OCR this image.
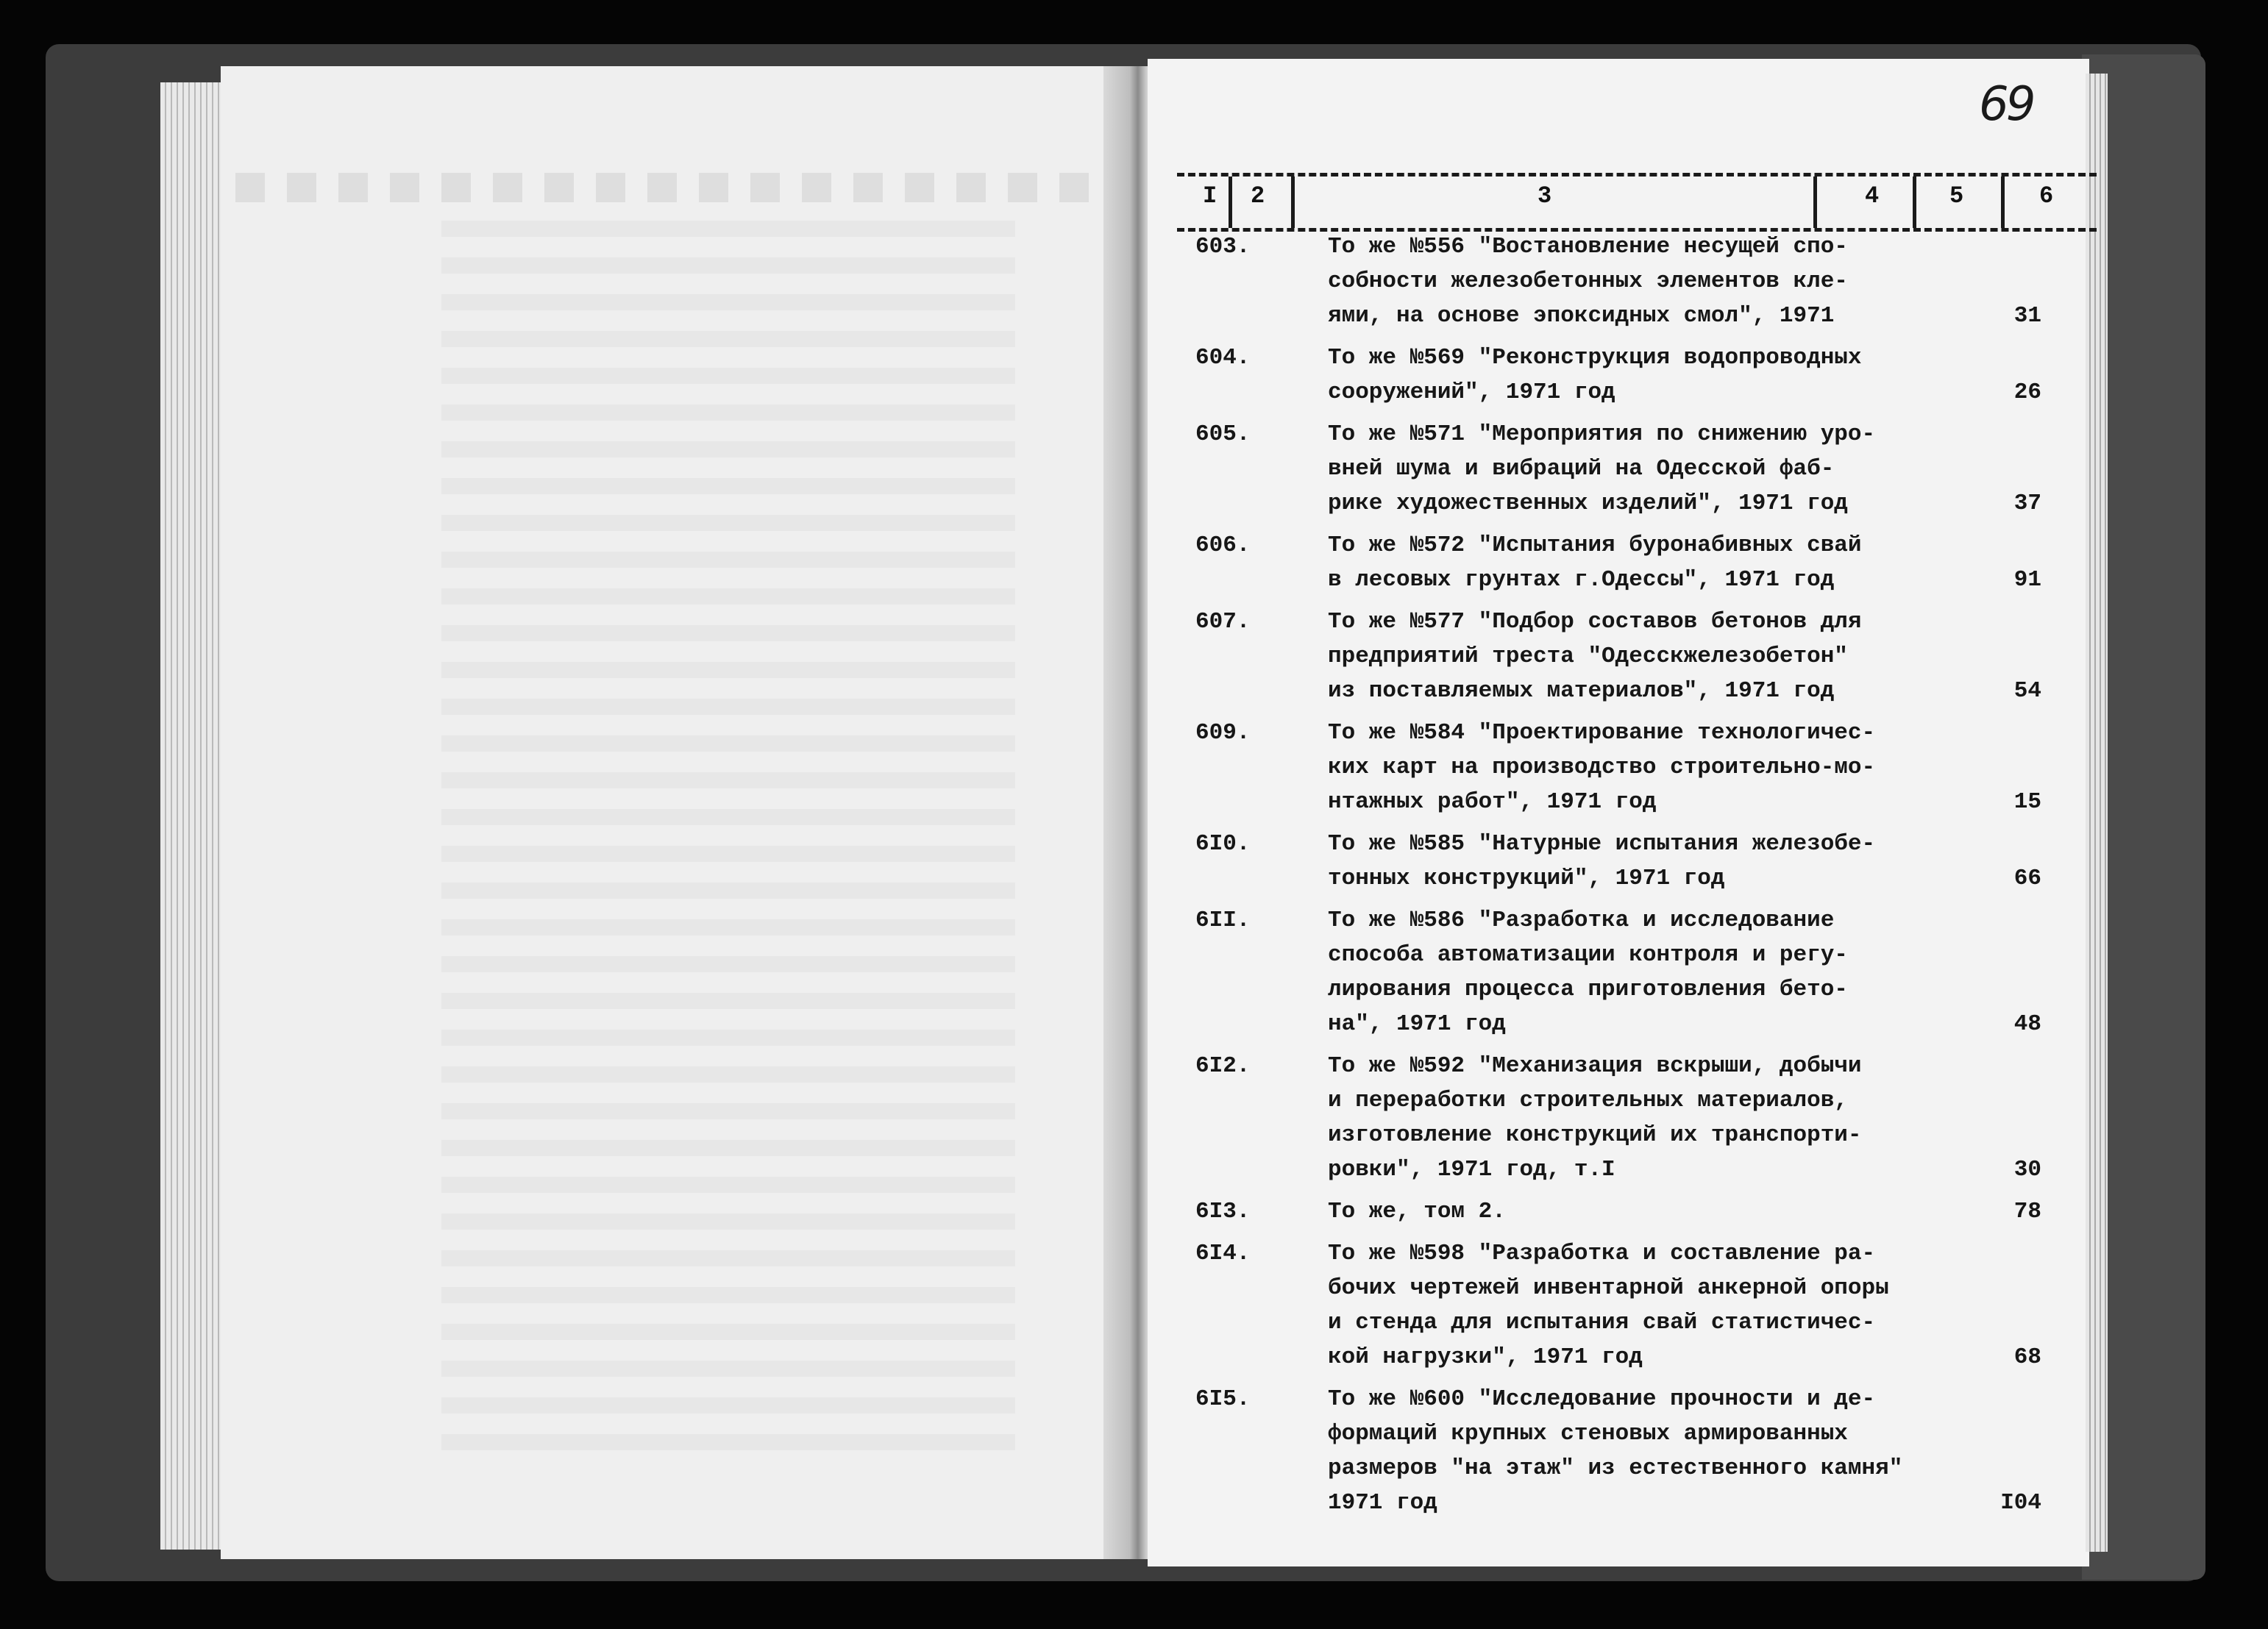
69
I 2	3	4	5	6
603.	То же №556 "Востановление несущей спо-
собности железобетонных элементов кле-
ями, на основе эпоксидных смол", 1971	31
604.	То же №569 "Реконструкция водопроводных
сооружений", 1971 год	26
605.	То же №571 "Мероприятия по снижению уро-
вней шума и вибраций на Одесской фаб-
рике художественных изделий", 1971 год	37
606.	То же №572 "Испытания буронабивных свай
в лесовых грунтах г.Одессы", 1971 год	91
607.	То же №577 "Подбор составов бетонов для
предприятий треста "Одесскжелезобетон"
из поставляемых материалов", 1971 год	54
609.	То же №584 "Проектирование технологичес-
ких карт на производство строительно-мо-
нтажных работ", 1971 год	15
6I0.	То же №585 "Натурные испытания железобе-
тонных конструкций", 1971 год	66
6II.	То же №586 "Разработка и исследование
способа автоматизации контроля и регу-
лирования процесса приготовления бето-
на", 1971 год	48
6I2.	То же №592 "Механизация вскрыши, добычи
и переработки строительных материалов,
изготовление конструкций их транспорти-
ровки", 1971 год, т.I	30
6I3.	То же, том 2.	78
6I4.	То же №598 "Разработка и составление ра-
бочих чертежей инвентарной анкерной опоры
и стенда для испытания свай статистичес-
кой нагрузки", 1971 год	68
6I5.	То же №600 "Исследование прочности и де-
формаций крупных стеновых армированных
размеров "на этаж" из естественного камня"
1971 год	I04
